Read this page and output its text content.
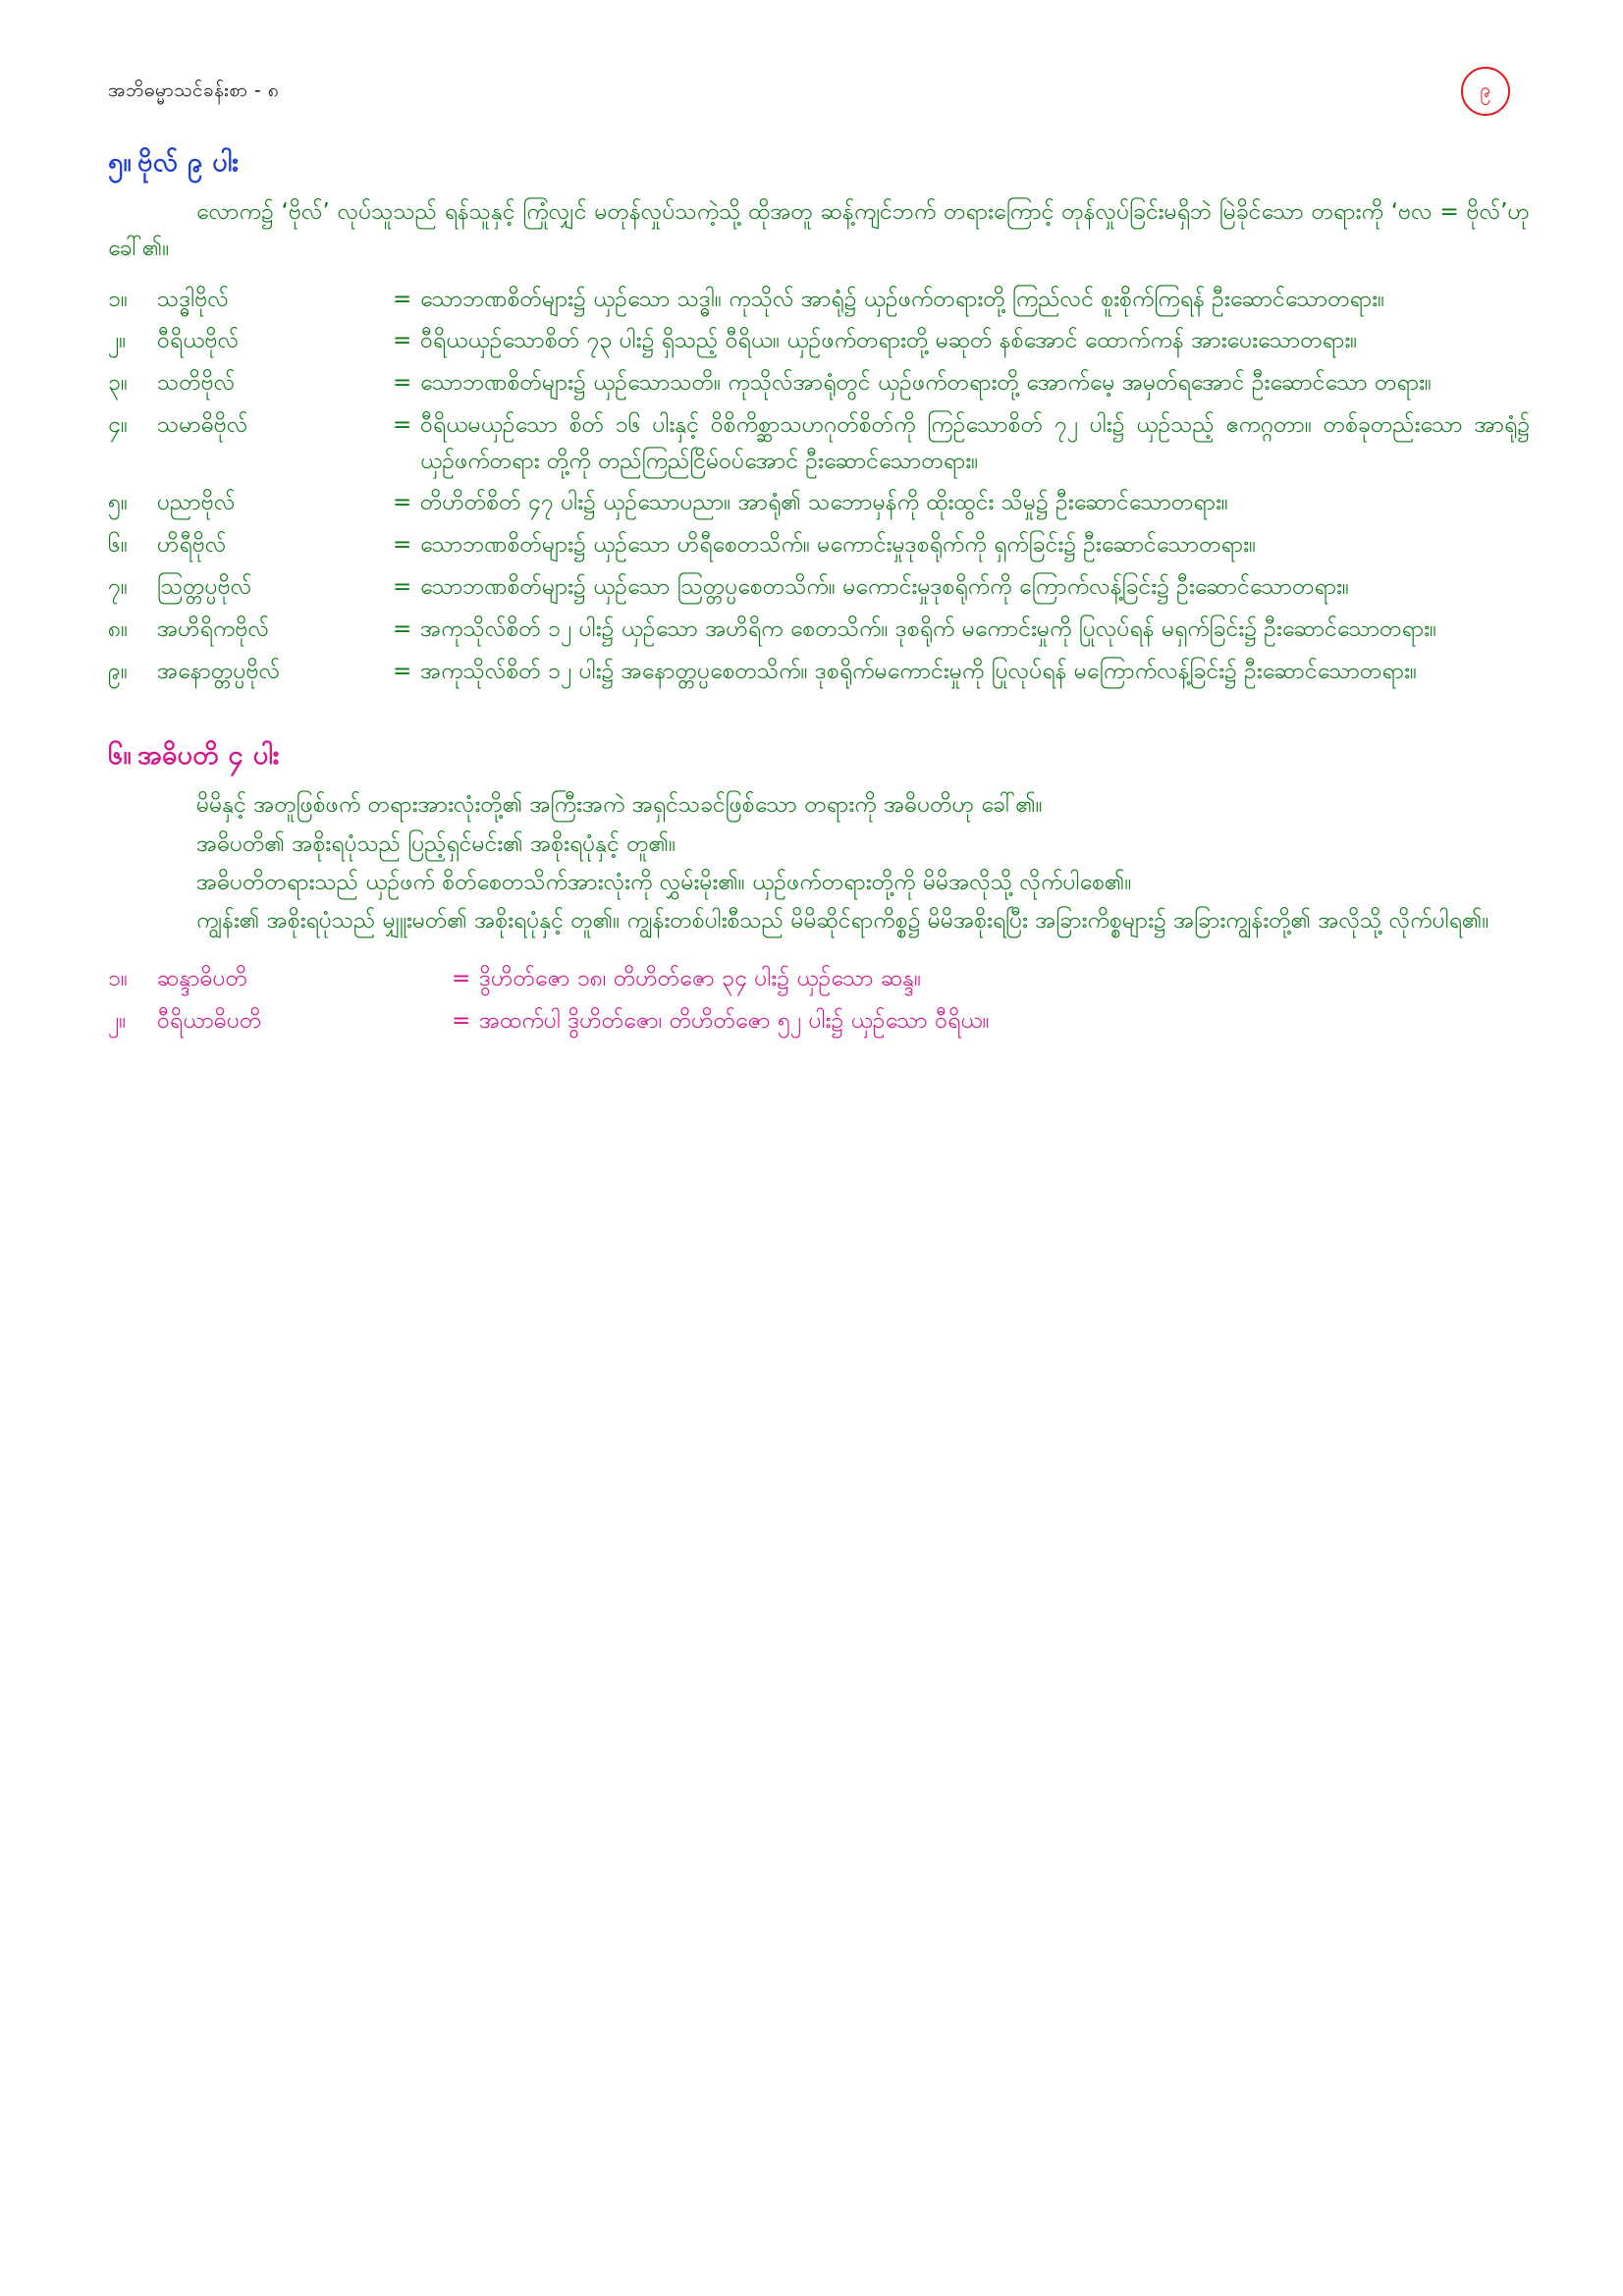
အဘိဓမ္မာသင်ခန်းစာ - ၈	၉
၅။ ဗိုလ် ၉ ပါး
လောက၌ ‘ဗိုလ်’ လုပ်သူသည် ရန်သူနှင့် ကြုံလျှင် မတုန်လှုပ်သကဲ့သို့ ထိုအတူ ဆန့်ကျင်ဘက် တရားကြောင့် တုန်လှုပ်ခြင်းမရှိဘဲ မြဲခိုင်သော တရားကို ‘ဗလ = ဗိုလ်’ဟု ခေါ်၏။
၁။	သဒ္ဓါဗိုလ်	= သောဘဏစိတ်များ၌ ယှဉ်သော သဒ္ဓါ။ ကုသိုလ် အာရုံ၌ ယှဉ်ဖက်တရားတို့ ကြည်လင် စူးစိုက်ကြရန် ဦးဆောင်သောတရား။
၂။	ဝီရိယဗိုလ်	= ဝီရိယယှဉ်သောစိတ် ၇၃ ပါး၌ ရှိသည့် ဝီရိယ။ ယှဉ်ဖက်တရားတို့ မဆုတ် နစ်အောင် ထောက်ကန် အားပေးသောတရား။
၃။	သတိဗိုလ်	= သောဘဏစိတ်များ၌ ယှဉ်သောသတိ။ ကုသိုလ်အာရုံတွင် ယှဉ်ဖက်တရားတို့ အောက်မေ့ အမှတ်ရအောင် ဦးဆောင်သော တရား။
၄။	သမာဓိဗိုလ်	= ဝီရိယမယှဉ်သော စိတ် ၁၆ ပါးနှင့် ဝိစိကိစ္ဆာသဟဂုတ်စိတ်ကို ကြဉ်သောစိတ် ၇၂ ပါး၌ ယှဉ်သည့် ဧကဂ္ဂတာ။ တစ်ခုတည်းသော အာရုံ၌ ယှဉ်ဖက်တရား တို့ကို တည်ကြည်ငြိမ်ဝပ်အောင် ဦးဆောင်သောတရား။
၅။	ပညာဗိုလ်	= တိဟိတ်စိတ် ၄၇ ပါး၌ ယှဉ်သောပညာ။ အာရုံ၏ သဘောမှန်ကို ထိုးထွင်း သိမှု၌ ဦးဆောင်သောတရား။
၆။	ဟိရီဗိုလ်	= သောဘဏစိတ်များ၌ ယှဉ်သော ဟိရီစေတသိက်။ မကောင်းမှုဒုစရိုက်ကို ရှက်ခြင်း၌ ဦးဆောင်သောတရား။
၇။	ဩတ္တပ္ပဗိုလ်	= သောဘဏစိတ်များ၌ ယှဉ်သော ဩတ္တပ္ပစေတသိက်။ မကောင်းမှုဒုစရိုက်ကို ကြောက်လန့်ခြင်း၌ ဦးဆောင်သောတရား။
၈။	အဟိရိကဗိုလ်	= အကုသိုလ်စိတ် ၁၂ ပါး၌ ယှဉ်သော အဟိရိက စေတသိက်။ ဒုစရိုက် မကောင်းမှုကို ပြုလုပ်ရန် မရှက်ခြင်း၌ ဦးဆောင်သောတရား။
၉။	အနောတ္တပ္ပဗိုလ်	= အကုသိုလ်စိတ် ၁၂ ပါး၌ အနောတ္တပ္ပစေတသိက်။ ဒုစရိုက်မကောင်းမှုကို ပြုလုပ်ရန် မကြောက်လန့်ခြင်း၌ ဦးဆောင်သောတရား။
၆။ အဓိပတိ ၄ ပါး
မိမိနှင့် အတူဖြစ်ဖက် တရားအားလုံးတို့၏ အကြီးအကဲ အရှင်သခင်ဖြစ်သော တရားကို အဓိပတိဟု ခေါ်၏။
အဓိပတိ၏ အစိုးရပုံသည် ပြည့်ရှင်မင်း၏ အစိုးရပုံနှင့် တူ၏။
အဓိပတိတရားသည် ယှဉ်ဖက် စိတ်စေတသိက်အားလုံးကို လွှမ်းမိုး၏။ ယှဉ်ဖက်တရားတို့ကို မိမိအလိုသို့ လိုက်ပါစေ၏။
ကျွန်း၏ အစိုးရပုံသည် မျှူးမတ်၏ အစိုးရပုံနှင့် တူ၏။ ကျွန်းတစ်ပါးစီသည် မိမိဆိုင်ရာကိစ္စ၌ မိမိအစိုးရပြီး အခြားကိစ္စများ၌ အခြားကျွန်းတို့၏ အလိုသို့ လိုက်ပါရ၏။
၁။	ဆန္ဒာဓိပတိ	= ဒွိဟိတ်ဇော ၁၈၊ တိဟိတ်ဇော ၃၄ ပါး၌ ယှဉ်သော ဆန္ဒ။
၂။	ဝီရိယာဓိပတိ	= အထက်ပါ ဒွိဟိတ်ဇော၊ တိဟိတ်ဇော ၅၂ ပါး၌ ယှဉ်သော ဝီရိယ။
